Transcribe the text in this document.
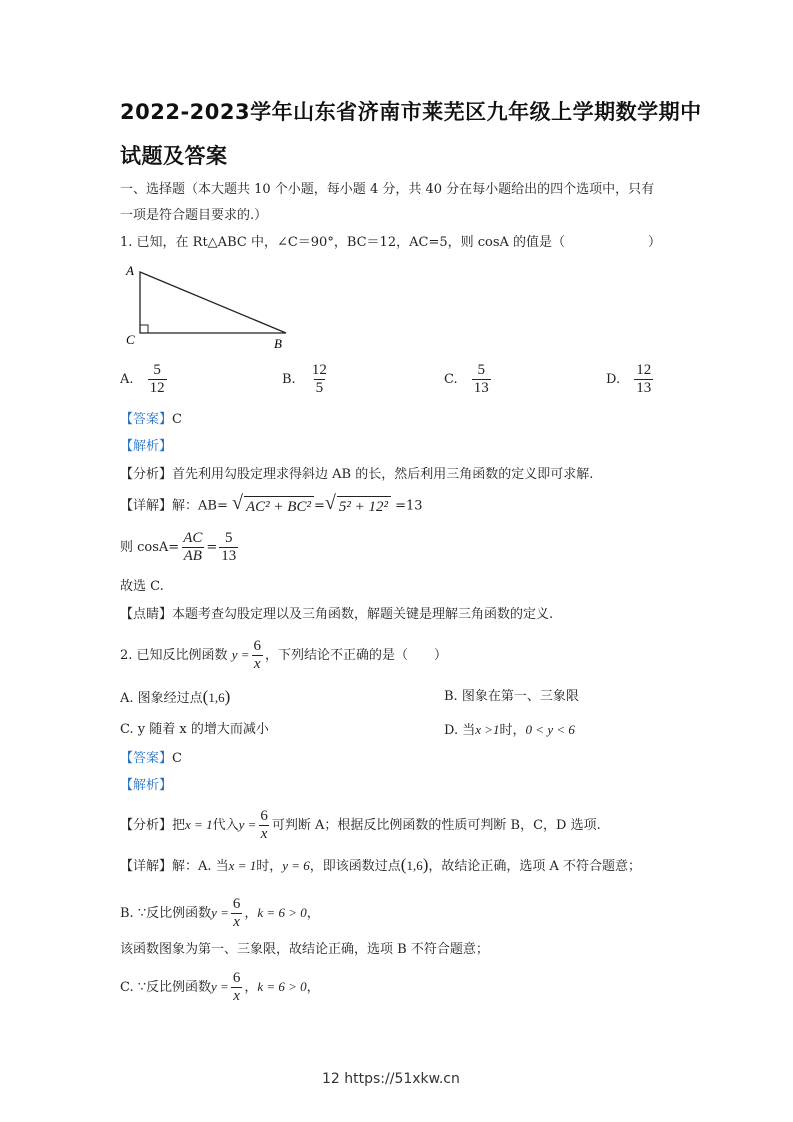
2022-2023学年山东省济南市莱芜区九年级上学期数学期中
试题及答案
一、选择题（本大题共 10 个小题，每小题 4 分，共 40 分在每小题给出的四个选项中，只有
一项是符合题目要求的.）
1. 已知，在 Rt△ABC 中，∠C＝90°，BC＝12，AC=5，则 cosA 的值是（	）
A
C	B
A. $\frac{5}{12}$	B. $\frac{12}{5}$	C. $\frac{5}{13}$	D. $\frac{12}{13}$
【答案】C
【解析】
【分析】首先利用勾股定理求得斜边 AB 的长，然后利用三角函数的定义即可求解.
【详解】解：AB= √ AC² + BC² = √ 5² + 12² =13
则 $\cos A= \frac{AC}{AB} = \frac{5}{13}$
故选 C.
【点睛】本题考查勾股定理以及三角函数，解题关键是理解三角函数的定义.
2. 已知反比例函数 $y = \frac{6}{x}$ ，下列结论不正确的是（　　）
A. 图象经过点(1,6)	B. 图象在第一、三象限
C. y 随着 x 的增大而减小	D. 当x >1时，0 < y < 6
【答案】C
【解析】
【分析】把x = 1代入$y = \frac{6}{x}$ 可判断 A；根据反比例函数的性质可判断 B，C，D 选项.
【详解】解：A. 当x = 1时，y = 6，即该函数过点(1,6)，故结论正确，选项 A 不符合题意；
B. ∵反比例函数$y = \frac{6}{x}$ ，k = 6 > 0，
该函数图象为第一、三象限，故结论正确，选项 B 不符合题意；
C. ∵反比例函数$y = \frac{6}{x}$ ，k = 6 > 0，
12 https://51xkw.cn
